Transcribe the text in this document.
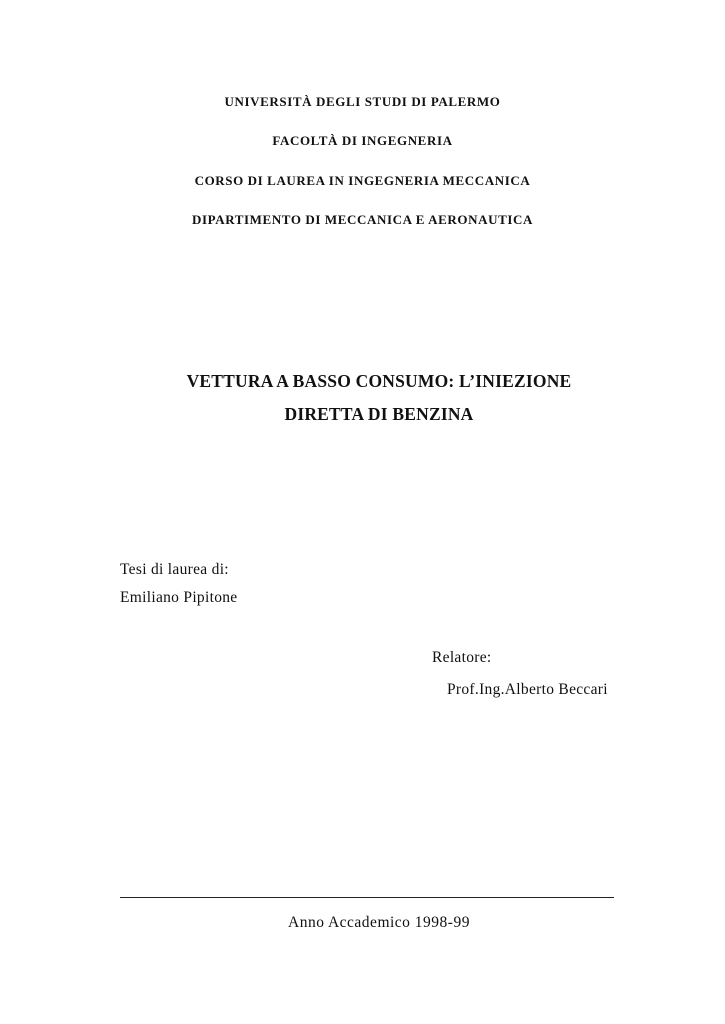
UNIVERSITÀ DEGLI STUDI DI PALERMO
FACOLTÀ DI INGEGNERIA
CORSO DI LAUREA IN INGEGNERIA MECCANICA
DIPARTIMENTO DI MECCANICA E AERONAUTICA
VETTURA A BASSO CONSUMO: L’INIEZIONE
DIRETTA DI BENZINA
Tesi di laurea di:
Emiliano Pipitone
Relatore:
Prof.Ing.Alberto Beccari
Anno Accademico 1998-99
